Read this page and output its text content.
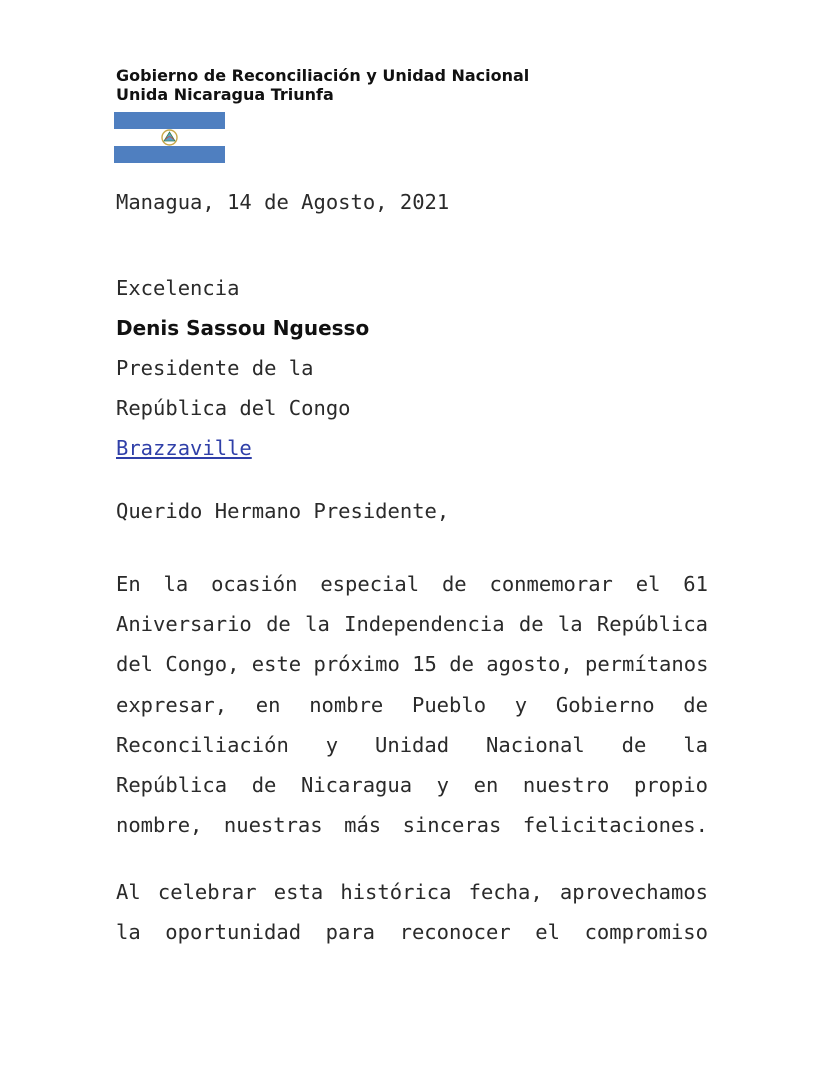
Gobierno de Reconciliación y Unidad Nacional
Unida Nicaragua Triunfa
Managua, 14 de Agosto, 2021
Excelencia
Denis Sassou Nguesso
Presidente de la
República del Congo
Brazzaville
Querido Hermano Presidente,
En la ocasión especial de conmemorar el 61
Aniversario de la Independencia de la República
del Congo, este próximo 15 de agosto, permítanos
expresar, en nombre Pueblo y Gobierno de
Reconciliación y Unidad Nacional de la
República de Nicaragua y en nuestro propio
nombre, nuestras más sinceras felicitaciones.
Al celebrar esta histórica fecha, aprovechamos
la oportunidad para reconocer el compromiso
